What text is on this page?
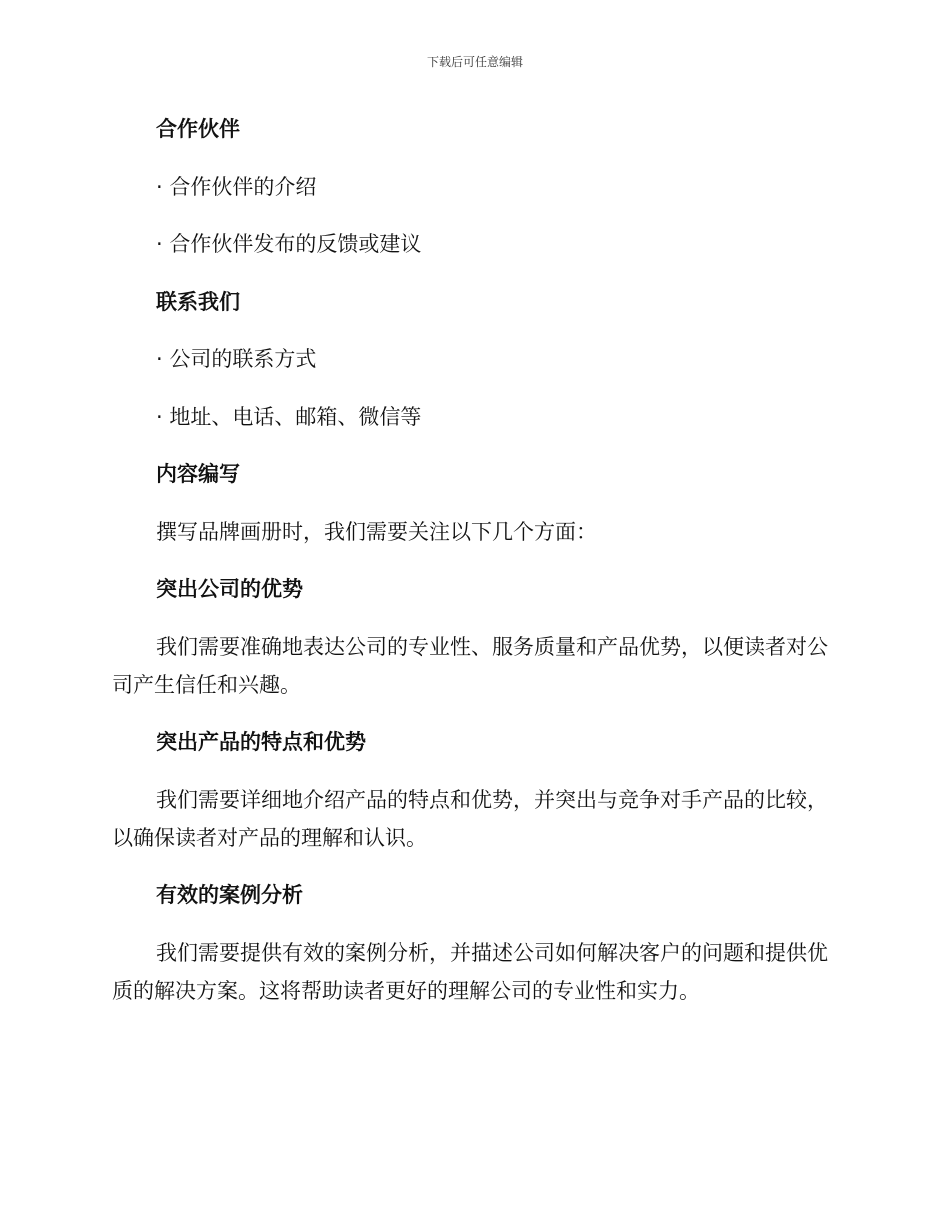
下载后可任意编辑

合作伙伴

· 合作伙伴的介绍

· 合作伙伴发布的反馈或建议

联系我们

· 公司的联系方式

· 地址、电话、邮箱、微信等

内容编写

撰写品牌画册时，我们需要关注以下几个方面：

突出公司的优势

我们需要准确地表达公司的专业性、服务质量和产品优势，以便读者对公司产生信任和兴趣。

突出产品的特点和优势

我们需要详细地介绍产品的特点和优势，并突出与竞争对手产品的比较，以确保读者对产品的理解和认识。

有效的案例分析

我们需要提供有效的案例分析，并描述公司如何解决客户的问题和提供优质的解决方案。这将帮助读者更好的理解公司的专业性和实力。
